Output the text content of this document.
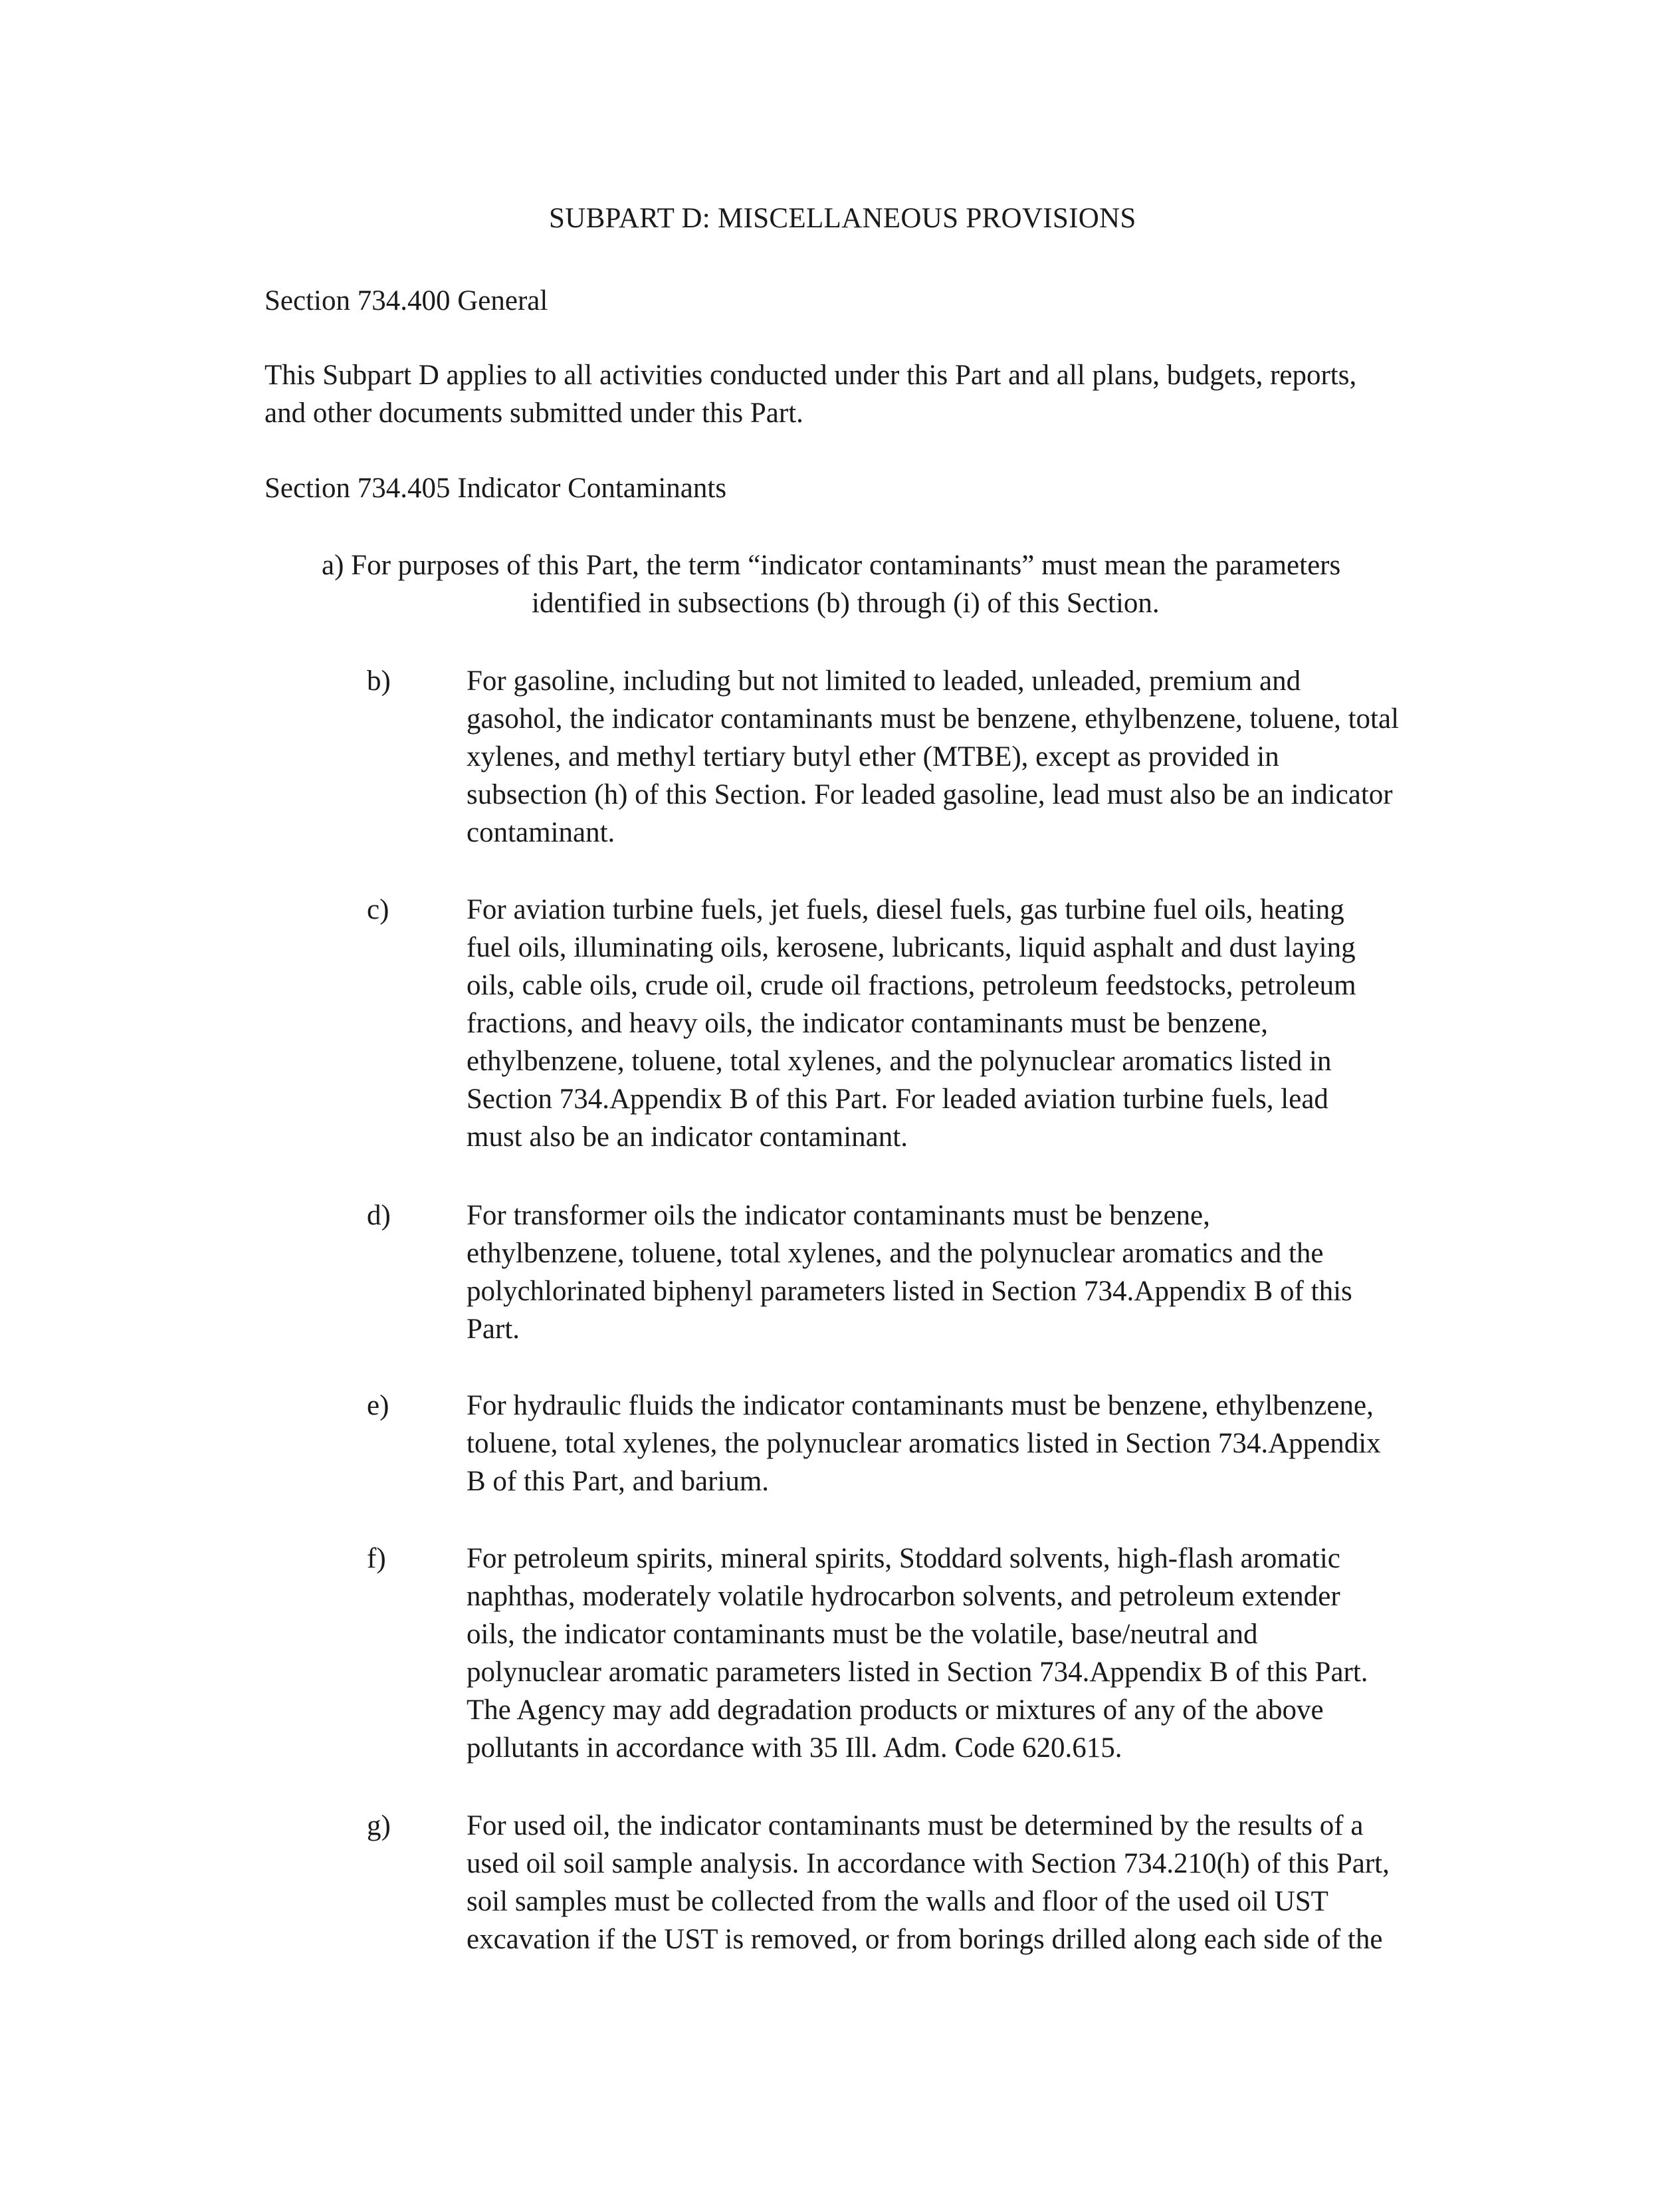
SUBPART D: MISCELLANEOUS PROVISIONS
Section 734.400 General
This Subpart D applies to all activities conducted under this Part and all plans, budgets, reports,
and other documents submitted under this Part.
Section 734.405 Indicator Contaminants
a) For purposes of this Part, the term “indicator contaminants” must mean the parameters
identified in subsections (b) through (i) of this Section.
b)	For gasoline, including but not limited to leaded, unleaded, premium and
gasohol, the indicator contaminants must be benzene, ethylbenzene, toluene, total
xylenes, and methyl tertiary butyl ether (MTBE), except as provided in
subsection (h) of this Section. For leaded gasoline, lead must also be an indicator
contaminant.
c)	For aviation turbine fuels, jet fuels, diesel fuels, gas turbine fuel oils, heating
fuel oils, illuminating oils, kerosene, lubricants, liquid asphalt and dust laying
oils, cable oils, crude oil, crude oil fractions, petroleum feedstocks, petroleum
fractions, and heavy oils, the indicator contaminants must be benzene,
ethylbenzene, toluene, total xylenes, and the polynuclear aromatics listed in
Section 734.Appendix B of this Part. For leaded aviation turbine fuels, lead
must also be an indicator contaminant.
d)	For transformer oils the indicator contaminants must be benzene,
ethylbenzene, toluene, total xylenes, and the polynuclear aromatics and the
polychlorinated biphenyl parameters listed in Section 734.Appendix B of this
Part.
e)	For hydraulic fluids the indicator contaminants must be benzene, ethylbenzene,
toluene, total xylenes, the polynuclear aromatics listed in Section 734.Appendix
B of this Part, and barium.
f)	For petroleum spirits, mineral spirits, Stoddard solvents, high-flash aromatic
naphthas, moderately volatile hydrocarbon solvents, and petroleum extender
oils, the indicator contaminants must be the volatile, base/neutral and
polynuclear aromatic parameters listed in Section 734.Appendix B of this Part.
The Agency may add degradation products or mixtures of any of the above
pollutants in accordance with 35 Ill. Adm. Code 620.615.
g)	For used oil, the indicator contaminants must be determined by the results of a
used oil soil sample analysis. In accordance with Section 734.210(h) of this Part,
soil samples must be collected from the walls and floor of the used oil UST
excavation if the UST is removed, or from borings drilled along each side of the
